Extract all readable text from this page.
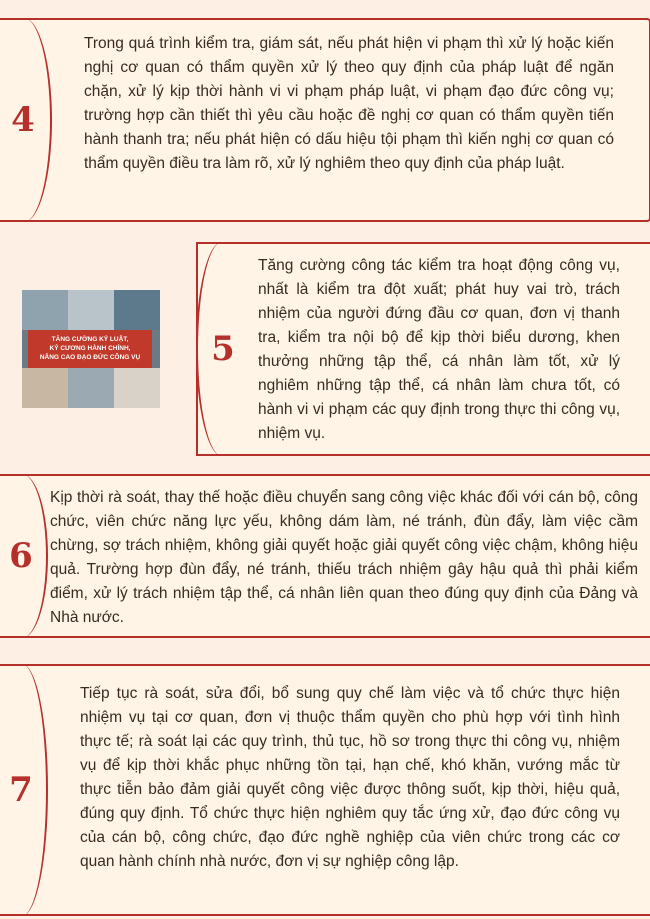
4
Trong quá trình kiểm tra, giám sát, nếu phát hiện vi phạm thì xử lý hoặc kiến nghị cơ quan có thẩm quyền xử lý theo quy định của pháp luật để ngăn chặn, xử lý kịp thời hành vi vi phạm pháp luật, vi phạm đạo đức công vụ; trường hợp cần thiết thì yêu cầu hoặc đề nghị cơ quan có thẩm quyền tiến hành thanh tra; nếu phát hiện có dấu hiệu tội phạm thì kiến nghị cơ quan có thẩm quyền điều tra làm rõ, xử lý nghiêm theo quy định của pháp luật.
TĂNG CƯỜNG KỶ LUẬT,
KỶ CƯƠNG HÀNH CHÍNH,
NÂNG CAO ĐẠO ĐỨC CÔNG VỤ	5
Tăng cường công tác kiểm tra hoạt động công vụ, nhất là kiểm tra đột xuất; phát huy vai trò, trách nhiệm của người đứng đầu cơ quan, đơn vị thanh tra, kiểm tra nội bộ để kịp thời biểu dương, khen thưởng những tập thể, cá nhân làm tốt, xử lý nghiêm những tập thể, cá nhân làm chưa tốt, có hành vi vi phạm các quy định trong thực thi công vụ, nhiệm vụ.
6
Kịp thời rà soát, thay thế hoặc điều chuyển sang công việc khác đối với cán bộ, công chức, viên chức năng lực yếu, không dám làm, né tránh, đùn đẩy, làm việc cầm chừng, sợ trách nhiệm, không giải quyết hoặc giải quyết công việc chậm, không hiệu quả. Trường hợp đùn đẩy, né tránh, thiếu trách nhiệm gây hậu quả thì phải kiểm điểm, xử lý trách nhiệm tập thể, cá nhân liên quan theo đúng quy định của Đảng và Nhà nước.
7
Tiếp tục rà soát, sửa đổi, bổ sung quy chế làm việc và tổ chức thực hiện nhiệm vụ tại cơ quan, đơn vị thuộc thẩm quyền cho phù hợp với tình hình thực tế; rà soát lại các quy trình, thủ tục, hồ sơ trong thực thi công vụ, nhiệm vụ để kịp thời khắc phục những tồn tại, hạn chế, khó khăn, vướng mắc từ thực tiễn bảo đảm giải quyết công việc được thông suốt, kịp thời, hiệu quả, đúng quy định. Tổ chức thực hiện nghiêm quy tắc ứng xử, đạo đức công vụ của cán bộ, công chức, đạo đức nghề nghiệp của viên chức trong các cơ quan hành chính nhà nước, đơn vị sự nghiệp công lập.
